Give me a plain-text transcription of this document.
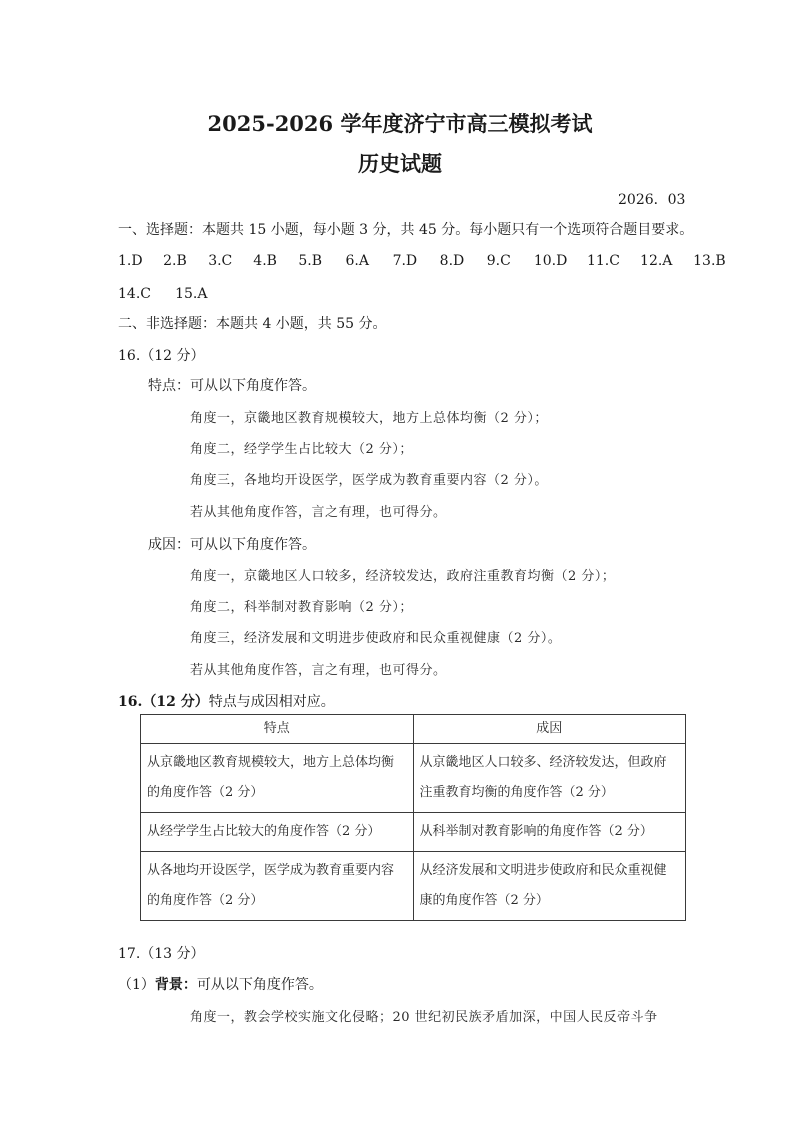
2025-2026 学年度济宁市高三模拟考试
历史试题
2026．03
一、选择题：本题共 15 小题，每小题 3 分，共 45 分。每小题只有一个选项符合题目要求。
1.D 2.B 3.C 4.B 5.B 6.A 7.D 8.D 9.C 10.D 11.C 12.A 13.B
14.C 15.A
二、非选择题：本题共 4 小题，共 55 分。
16.（12 分）
特点：可从以下角度作答。
角度一，京畿地区教育规模较大，地方上总体均衡（2 分）；
角度二，经学学生占比较大（2 分）；
角度三，各地均开设医学，医学成为教育重要内容（2 分）。
若从其他角度作答，言之有理，也可得分。
成因：可从以下角度作答。
角度一，京畿地区人口较多，经济较发达，政府注重教育均衡（2 分）；
角度二，科举制对教育影响（2 分）；
角度三，经济发展和文明进步使政府和民众重视健康（2 分）。
若从其他角度作答，言之有理，也可得分。
16.（12 分）特点与成因相对应。
特点	成因
从京畿地区教育规模较大，地方上总体均衡的角度作答（2 分）	从京畿地区人口较多、经济较发达，但政府注重教育均衡的角度作答（2 分）
从经学学生占比较大的角度作答（2 分）	从科举制对教育影响的角度作答（2 分）
从各地均开设医学，医学成为教育重要内容的角度作答（2 分）	从经济发展和文明进步使政府和民众重视健康的角度作答（2 分）
17.（13 分）
（1）背景：可从以下角度作答。
角度一，教会学校实施文化侵略；20 世纪初民族矛盾加深，中国人民反帝斗争
